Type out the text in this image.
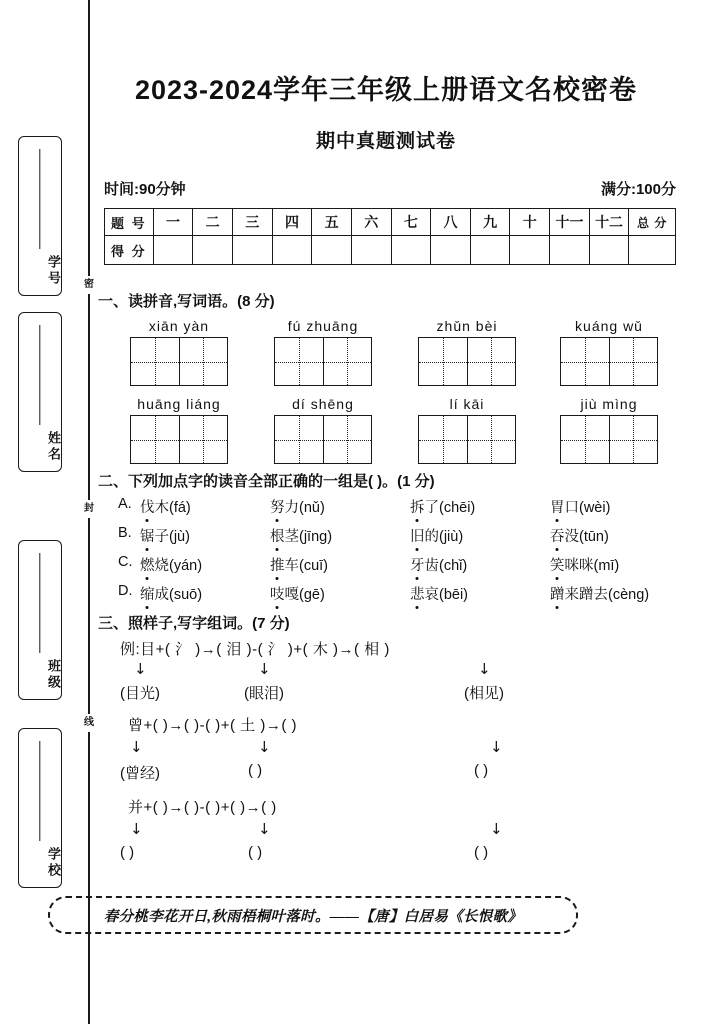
密
封
线
学号
姓名
班级
学校
2023-2024学年三年级上册语文名校密卷
期中真题测试卷
时间:90分钟	满分:100分
题 号	一	二	三	四	五	六	七	八	九	十	十一	十二	总 分
得 分													
一、读拼音,写词语。(8 分)
xiān yàn	fú zhuāng	zhǔn bèi	kuáng wǔ
huāng liáng	dí shēng	lí kāi	jiù mìng
二、下列加点字的读音全部正确的一组是( )。(1 分)
A. 伐木(fá)	努力(nǔ)	拆了(chēi)	胃口(wèi)
B. 锯子(jù)	根茎(jīng)	旧的(jiù)	吞没(tūn)
C. 燃烧(yán)	推车(cuī)	牙齿(chǐ)	笑咪咪(mī)
D. 缩成(suō)	吱嘎(gē)	悲哀(bēi)	蹭来蹭去(cèng)
三、照样子,写字组词。(7 分)
例:目+( 氵 )→( 泪 )-( 氵 )+( 木 )→( 相 )
↓	↓	↓
(目光)	(眼泪)	(相见)
曾+( )→( )-( )+( 土 )→( )
↓	↓	↓
(曾经)	( )	( )
并+( )→( )-( )+( )→( )
↓	↓	↓
( )	( )	( )
春分桃李花开日,秋雨梧桐叶落时。——【唐】白居易《长恨歌》
